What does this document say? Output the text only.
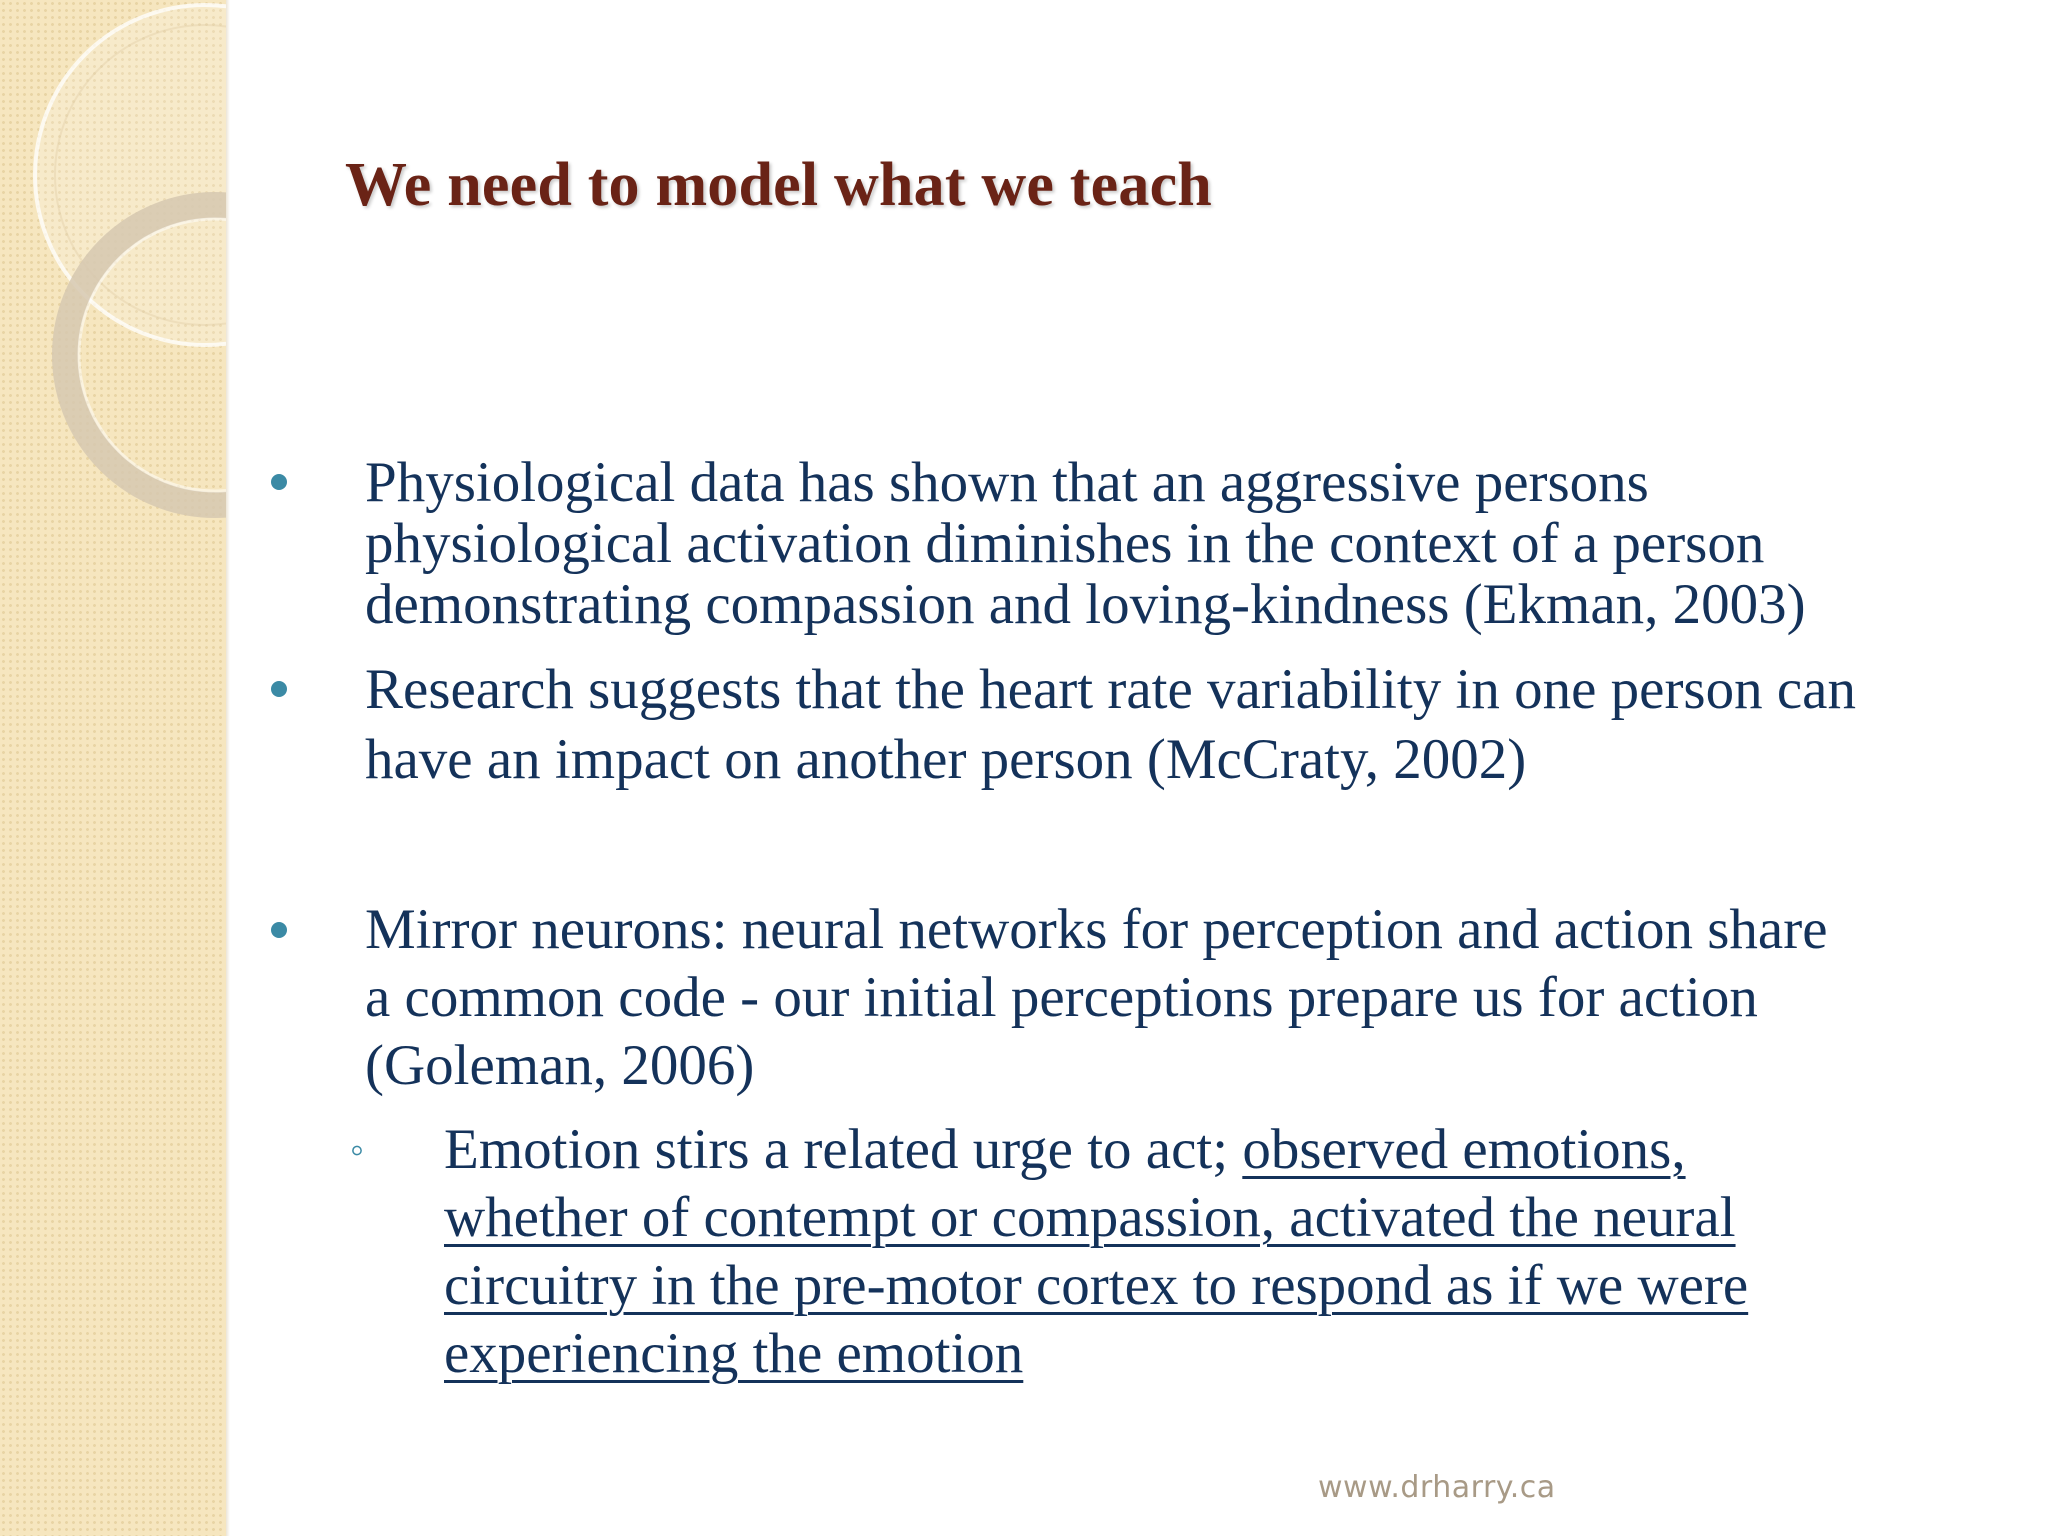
We need to model what we teach
Physiological data has shown that an aggressive persons
physiological activation diminishes in the context of a person
demonstrating compassion and loving-kindness (Ekman, 2003)
Research suggests that the heart rate variability in one person can
have an impact on another person (McCraty, 2002)
Mirror neurons: neural networks for perception and action share
a common code - our initial perceptions prepare us for action
(Goleman, 2006)
◦ Emotion stirs a related urge to act; observed emotions,
whether of contempt or compassion, activated the neural
circuitry in the pre-motor cortex to respond as if we were
experiencing the emotion
www.drharry.ca
